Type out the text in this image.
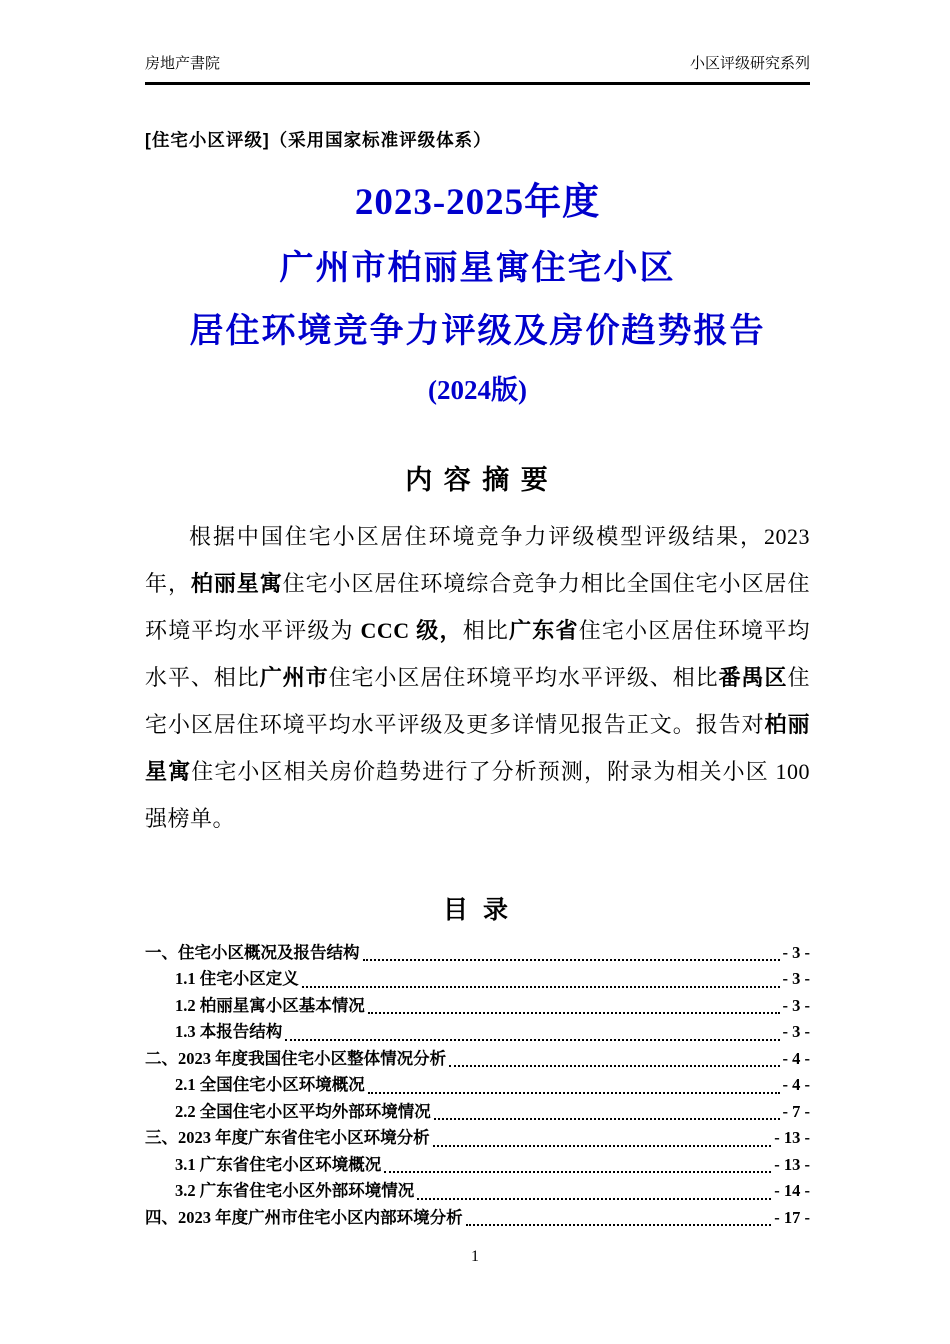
房地产書院	小区评级研究系列
[住宅小区评级]（采用国家标准评级体系）
2023-2025年度
广州市柏丽星寓住宅小区
居住环境竞争力评级及房价趋势报告
(2024版)
内 容 摘 要
根据中国住宅小区居住环境竞争力评级模型评级结果，2023 年，柏丽星寓住宅小区居住环境综合竞争力相比全国住宅小区居住环境平均水平评级为 CCC 级，相比广东省住宅小区居住环境平均水平、相比广州市住宅小区居住环境平均水平评级、相比番禺区住宅小区居住环境平均水平评级及更多详情见报告正文。报告对柏丽星寓住宅小区相关房价趋势进行了分析预测，附录为相关小区 100 强榜单。
目 录
一、住宅小区概况及报告结构	- 3 -
1.1 住宅小区定义	- 3 -
1.2 柏丽星寓小区基本情况	- 3 -
1.3 本报告结构	- 3 -
二、2023 年度我国住宅小区整体情况分析	- 4 -
2.1 全国住宅小区环境概况	- 4 -
2.2 全国住宅小区平均外部环境情况	- 7 -
三、2023 年度广东省住宅小区环境分析	- 13 -
3.1 广东省住宅小区环境概况	- 13 -
3.2 广东省住宅小区外部环境情况	- 14 -
四、2023 年度广州市住宅小区内部环境分析	- 17 -
1
